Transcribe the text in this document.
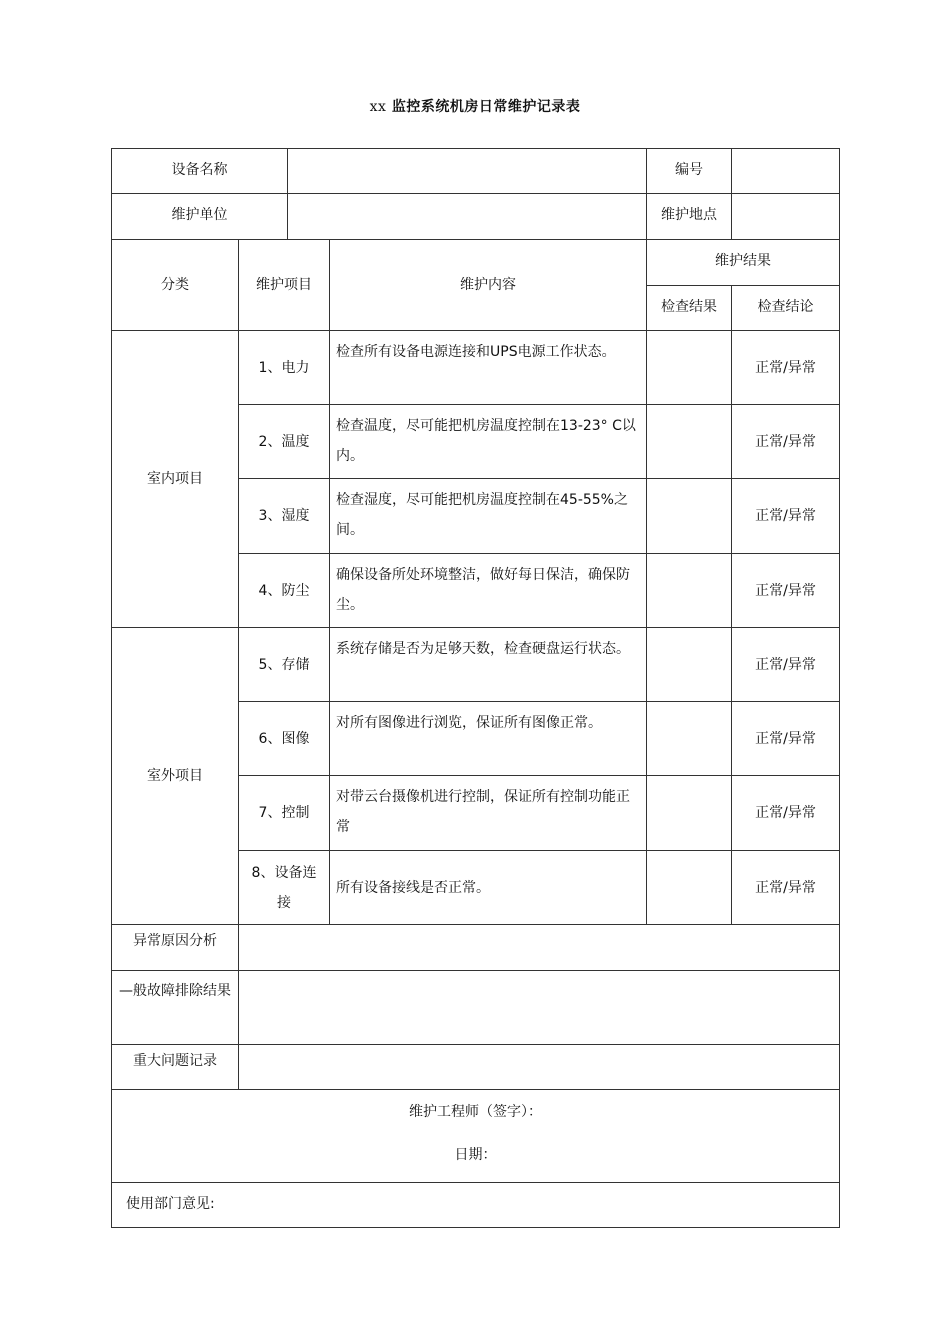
xx 监控系统机房日常维护记录表
设备名称				编号	
维护单位				维护地点	
分类	维护项目		维护内容	维护结果	
				检查结果	检查结论
室内项目	1、电力		检查所有设备电源连接和UPS电源工作状态。		正常/异常
	2、温度		检查温度，尽可能把机房温度控制在13-23° C以内。		正常/异常
	3、湿度		检查湿度，尽可能把机房温度控制在45-55%之间。		正常/异常
	4、防尘		确保设备所处环境整洁，做好每日保洁，确保防尘。		正常/异常
室外项目	5、存储		系统存储是否为足够天数，检查硬盘运行状态。		正常/异常
	6、图像		对所有图像进行浏览，保证所有图像正常。		正常/异常
	7、控制		对带云台摄像机进行控制，保证所有控制功能正常		正常/异常
	8、设备连接		所有设备接线是否正常。		正常/异常
异常原因分析					
—般故障排除结果					
重大问题记录					

维护工程师（签字）：
日期：					

使用部门意见:					
